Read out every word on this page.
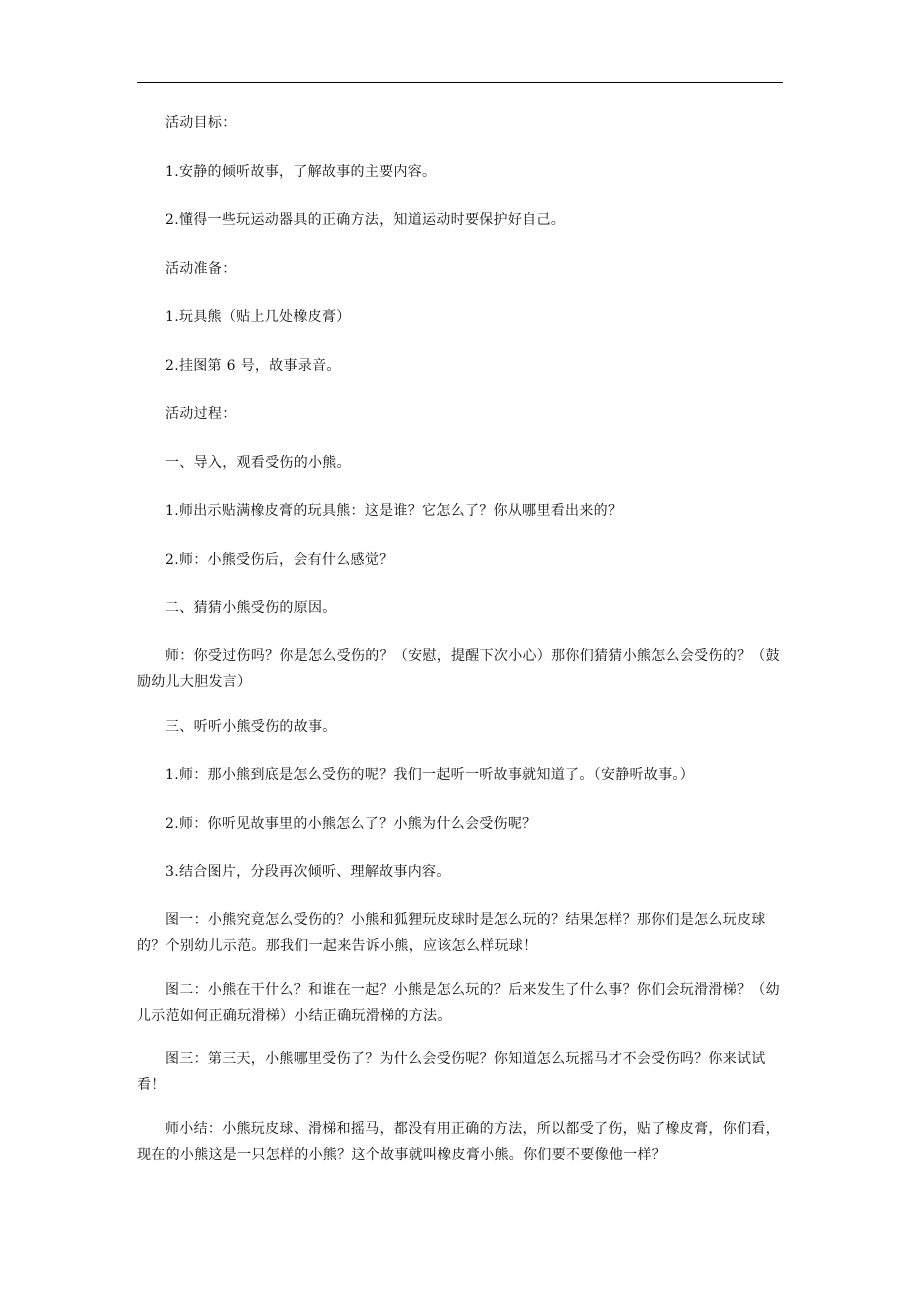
活动目标：

1.安静的倾听故事，了解故事的主要内容。

2.懂得一些玩运动器具的正确方法，知道运动时要保护好自己。

活动准备：

1.玩具熊（贴上几处橡皮膏）

2.挂图第 6 号，故事录音。

活动过程：

一、导入，观看受伤的小熊。

1.师出示贴满橡皮膏的玩具熊：这是谁？它怎么了？你从哪里看出来的？

2.师：小熊受伤后，会有什么感觉？

二、猜猜小熊受伤的原因。

师：你受过伤吗？你是怎么受伤的？（安慰，提醒下次小心）那你们猜猜小熊怎么会受伤的？（鼓励幼儿大胆发言）

三、听听小熊受伤的故事。

1.师：那小熊到底是怎么受伤的呢？我们一起听一听故事就知道了。（安静听故事。）

2.师：你听见故事里的小熊怎么了？小熊为什么会受伤呢？

3.结合图片，分段再次倾听、理解故事内容。

图一：小熊究竟怎么受伤的？小熊和狐狸玩皮球时是怎么玩的？结果怎样？那你们是怎么玩皮球的？个别幼儿示范。那我们一起来告诉小熊，应该怎么样玩球！

图二：小熊在干什么？和谁在一起？小熊是怎么玩的？后来发生了什么事？你们会玩滑滑梯？（幼儿示范如何正确玩滑梯）小结正确玩滑梯的方法。

图三：第三天，小熊哪里受伤了？为什么会受伤呢？你知道怎么玩摇马才不会受伤吗？你来试试看！

师小结：小熊玩皮球、滑梯和摇马，都没有用正确的方法，所以都受了伤，贴了橡皮膏，你们看，现在的小熊这是一只怎样的小熊？这个故事就叫橡皮膏小熊。你们要不要像他一样？
